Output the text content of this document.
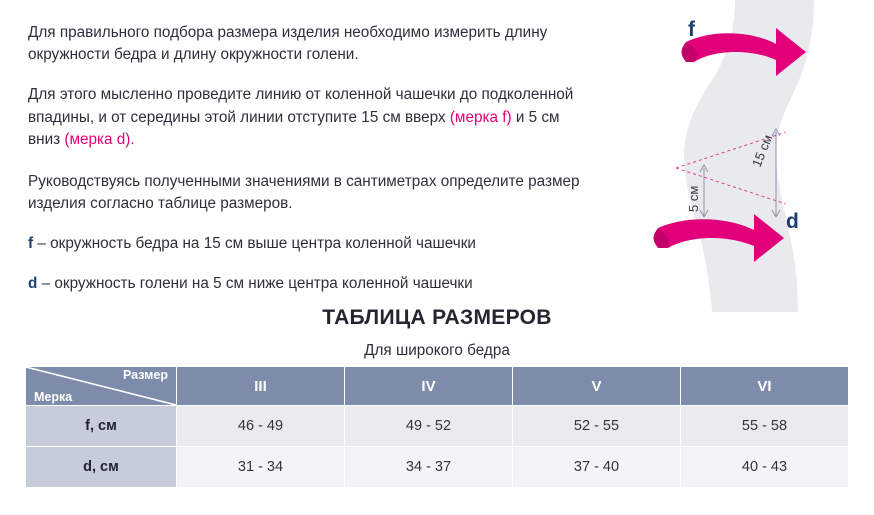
Для правильного подбора размера изделия необходимо измерить длину окружности бедра и длину окружности голени.

Для этого мысленно проведите линию от коленной чашечки до подколенной впадины, и от середины этой линии отступите 15 см вверх (мерка f) и 5 см вниз (мерка d).

Руководствуясь полученными значениями в сантиметрах определите размер изделия согласно таблице размеров.

f – окружность бедра на 15 см выше центра коленной чашечки

d – окружность голени на 5 см ниже центра коленной чашечки

f
d
15 см
5 см
ТАБЛИЦА РАЗМЕРОВ
Для широкого бедра
Размер
Мерка	III	IV	V	VI
f, см	46 - 49	49 - 52	52 - 55	55 - 58
d, см	31 - 34	34 - 37	37 - 40	40 - 43
